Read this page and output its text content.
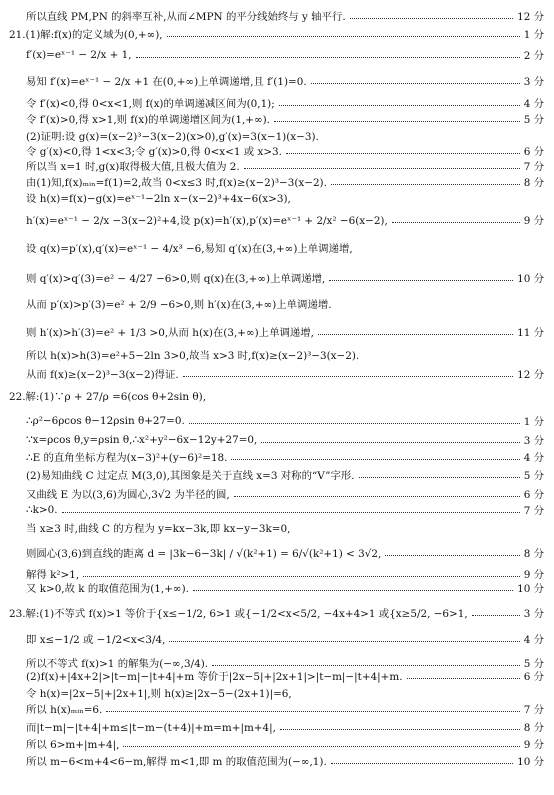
所以直线 PM,PN 的斜率互补,从而∠MPN 的平分线始终与 y 轴平行.	12 分
21.(1)解:f(x)的定义域为(0,+∞),	1 分
f′(x)=eˣ⁻¹ − 2/x + 1,	2 分
易知 f′(x)=eˣ⁻¹ − 2/x +1 在(0,+∞)上单调递增,且 f′(1)=0.	3 分
令 f′(x)<0,得 0<x<1,则 f(x)的单调递减区间为(0,1);	4 分
令 f′(x)>0,得 x>1,则 f(x)的单调递增区间为(1,+∞).	5 分
(2)证明:设 g(x)=(x−2)³−3(x−2)(x>0),g′(x)=3(x−1)(x−3).
令 g′(x)<0,得 1<x<3;令 g′(x)>0,得 0<x<1 或 x>3.	6 分
所以当 x=1 时,g(x)取得极大值,且极大值为 2.	7 分
由(1)知,f(x)ₘᵢₙ=f(1)=2,故当 0<x≤3 时,f(x)≥(x−2)³−3(x−2).	8 分
设 h(x)=f(x)−g(x)=eˣ⁻¹−2ln x−(x−2)³+4x−6(x>3),
h′(x)=eˣ⁻¹ − 2/x −3(x−2)²+4,设 p(x)=h′(x),p′(x)=eˣ⁻¹ + 2/x² −6(x−2),	9 分
设 q(x)=p′(x),q′(x)=eˣ⁻¹ − 4/x³ −6,易知 q′(x)在(3,+∞)上单调递增,
则 q′(x)>q′(3)=e² − 4/27 −6>0,则 q(x)在(3,+∞)上单调递增,	10 分
从而 p′(x)>p′(3)=e² + 2/9 −6>0,则 h′(x)在(3,+∞)上单调递增.
则 h′(x)>h′(3)=e² + 1/3 >0,从而 h(x)在(3,+∞)上单调递增,	11 分
所以 h(x)>h(3)=e²+5−2ln 3>0,故当 x>3 时,f(x)≥(x−2)³−3(x−2).
从而 f(x)≥(x−2)³−3(x−2)得证.	12 分
22.解:(1)∵ρ + 27/ρ =6(cos θ+2sin θ),
∴ρ²−6ρcos θ−12ρsin θ+27=0.	1 分
∵x=ρcos θ,y=ρsin θ,∴x²+y²−6x−12y+27=0,	3 分
∴E 的直角坐标方程为(x−3)²+(y−6)²=18.	4 分
(2)易知曲线 C 过定点 M(3,0),其图象是关于直线 x=3 对称的“V”字形.	5 分
又曲线 E 为以(3,6)为圆心,3√2 为半径的圆,	6 分
∴k>0.	7 分
当 x≥3 时,曲线 C 的方程为 y=kx−3k,即 kx−y−3k=0,
则圆心(3,6)到直线的距离 d = |3k−6−3k| / √(k²+1) = 6/√(k²+1) < 3√2,	8 分
解得 k²>1,	9 分
又 k>0,故 k 的取值范围为(1,+∞).	10 分
23.解:(1)不等式 f(x)>1 等价于{x≤−1/2, 6>1 或{−1/2<x<5/2, −4x+4>1 或{x≥5/2, −6>1,	3 分
即 x≤−1/2 或 −1/2<x<3/4,	4 分
所以不等式 f(x)>1 的解集为(−∞,3/4).	5 分
(2)f(x)+|4x+2|>|t−m|−|t+4|+m 等价于|2x−5|+|2x+1|>|t−m|−|t+4|+m.	6 分
令 h(x)=|2x−5|+|2x+1|,则 h(x)≥|2x−5−(2x+1)|=6,
所以 h(x)ₘᵢₙ=6.	7 分
而|t−m|−|t+4|+m≤|t−m−(t+4)|+m=m+|m+4|,	8 分
所以 6>m+|m+4|,	9 分
所以 m−6<m+4<6−m,解得 m<1,即 m 的取值范围为(−∞,1).	10 分
